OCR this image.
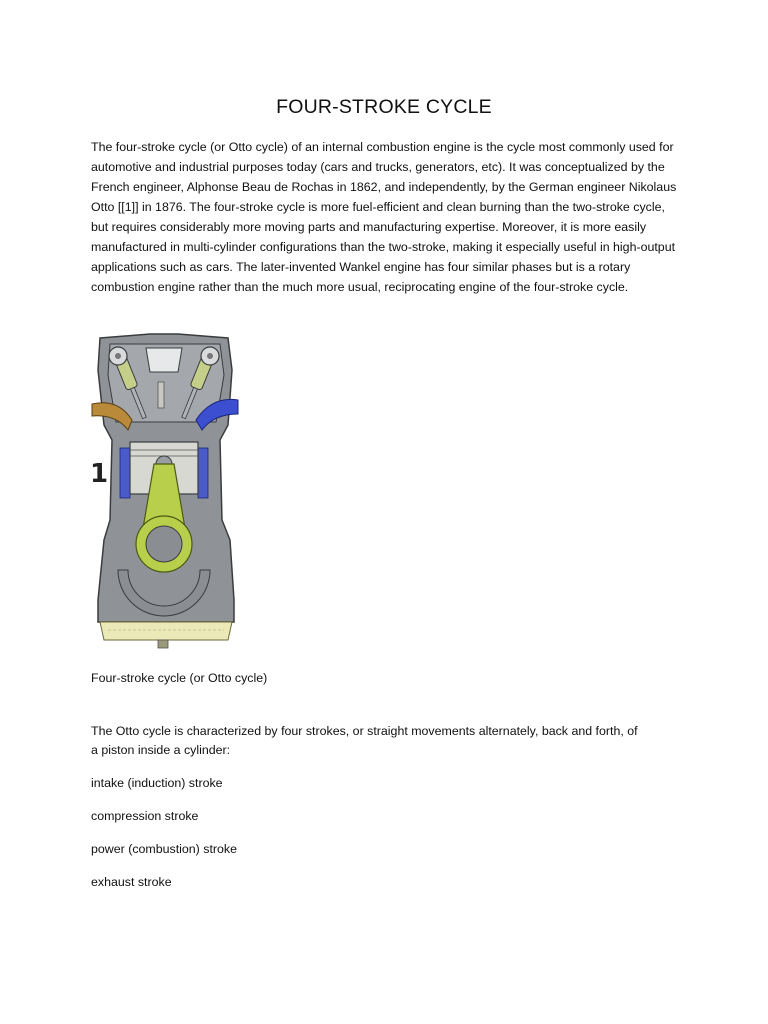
FOUR-STROKE CYCLE

The four-stroke cycle (or Otto cycle) of an internal combustion engine is the cycle most commonly used for
automotive and industrial purposes today (cars and trucks, generators, etc). It was conceptualized by the
French engineer, Alphonse Beau de Rochas in 1862, and independently, by the German engineer Nikolaus
Otto [[1]] in 1876. The four-stroke cycle is more fuel-efficient and clean burning than the two-stroke cycle,
but requires considerably more moving parts and manufacturing expertise. Moreover, it is more easily
manufactured in multi-cylinder configurations than the two-stroke, making it especially useful in high-output
applications such as cars. The later-invented Wankel engine has four similar phases but is a rotary
combustion engine rather than the much more usual, reciprocating engine of the four-stroke cycle.

1

Four-stroke cycle (or Otto cycle)

The Otto cycle is characterized by four strokes, or straight movements alternately, back and forth, of
a piston inside a cylinder:

intake (induction) stroke

compression stroke

power (combustion) stroke

exhaust stroke
